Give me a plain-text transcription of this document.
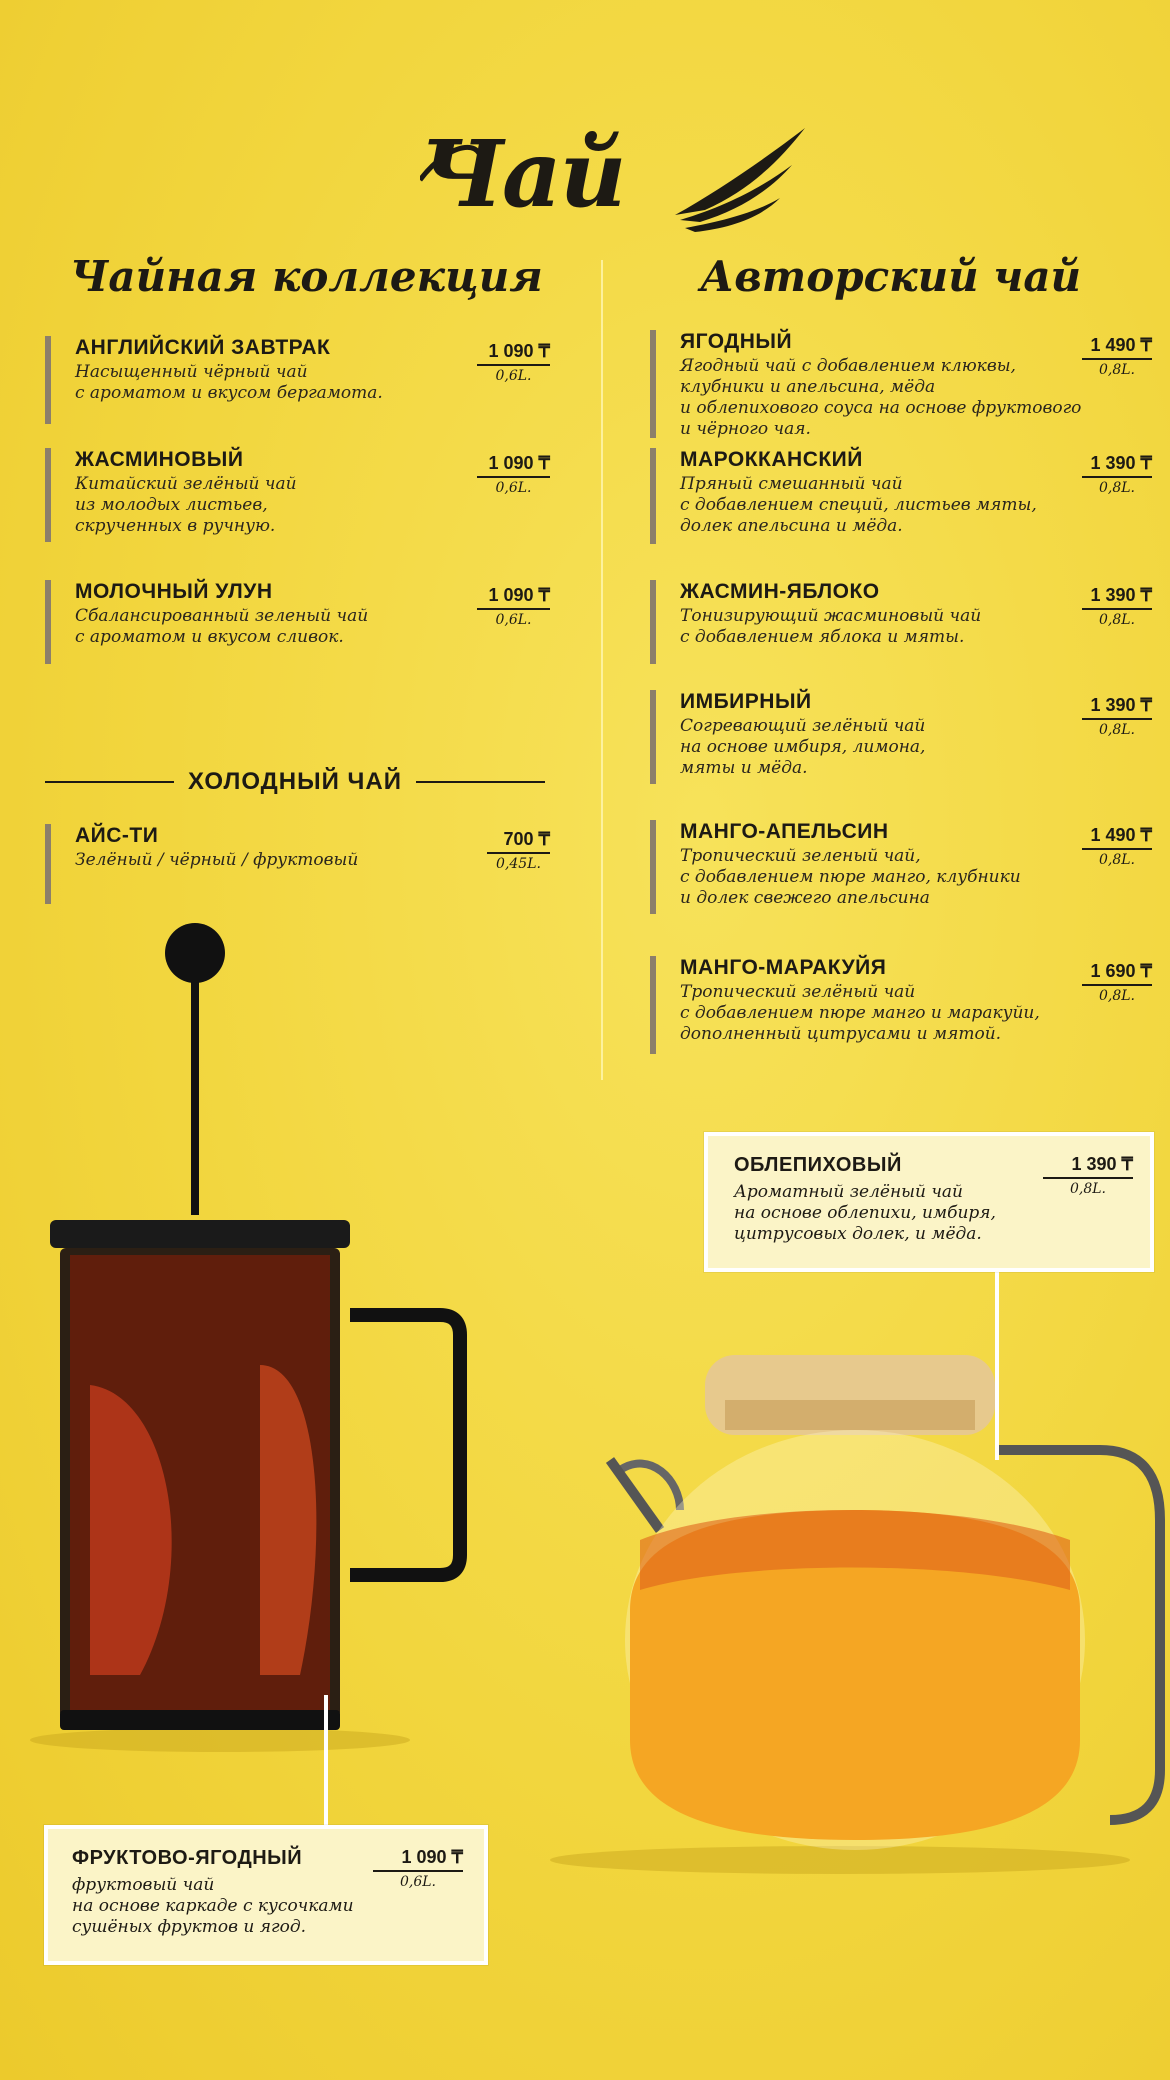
Чай
Чайная коллекция	Авторский чай
АНГЛИЙСКИЙ ЗАВТРАК
Насыщенный чёрный чай
с ароматом и вкусом бергамота.
1 090 ₸
0,6L.
ЖАСМИНОВЫЙ
Китайский зелёный чай
из молодых листьев,
скрученных в ручную.
1 090 ₸
0,6L.
МОЛОЧНЫЙ УЛУН
Сбалансированный зеленый чай
с ароматом и вкусом сливок.
1 090 ₸
0,6L.
ХОЛОДНЫЙ ЧАЙ
АЙС-ТИ
Зелёный / чёрный / фруктовый
700 ₸
0,45L.
ЯГОДНЫЙ
Ягодный чай с добавлением клюквы,
клубники и апельсина, мёда
и облепихового соуса на основе фруктового
и чёрного чая.
1 490 ₸
0,8L.
МАРОККАНСКИЙ
Пряный смешанный чай
с добавлением специй, листьев мяты,
долек апельсина и мёда.
1 390 ₸
0,8L.
ЖАСМИН-ЯБЛОКО
Тонизирующий жасминовый чай
с добавлением яблока и мяты.
1 390 ₸
0,8L.
ИМБИРНЫЙ
Согревающий зелёный чай
на основе имбиря, лимона,
мяты и мёда.
1 390 ₸
0,8L.
МАНГО-АПЕЛЬСИН
Тропический зеленый чай,
с добавлением пюре манго, клубники
и долек свежего апельсина
1 490 ₸
0,8L.
МАНГО-МАРАКУЙЯ
Тропический зелёный чай
с добавлением пюре манго и маракуйи,
дополненный цитрусами и мятой.
1 690 ₸
0,8L.
ОБЛЕПИХОВЫЙ	1 390 ₸
0,8L.
Ароматный зелёный чай
на основе облепихи, имбиря,
цитрусовых долек, и мёда.
ФРУКТОВО-ЯГОДНЫЙ	1 090 ₸
0,6L.
фруктовый чай
на основе каркаде с кусочками
сушёных фруктов и ягод.
